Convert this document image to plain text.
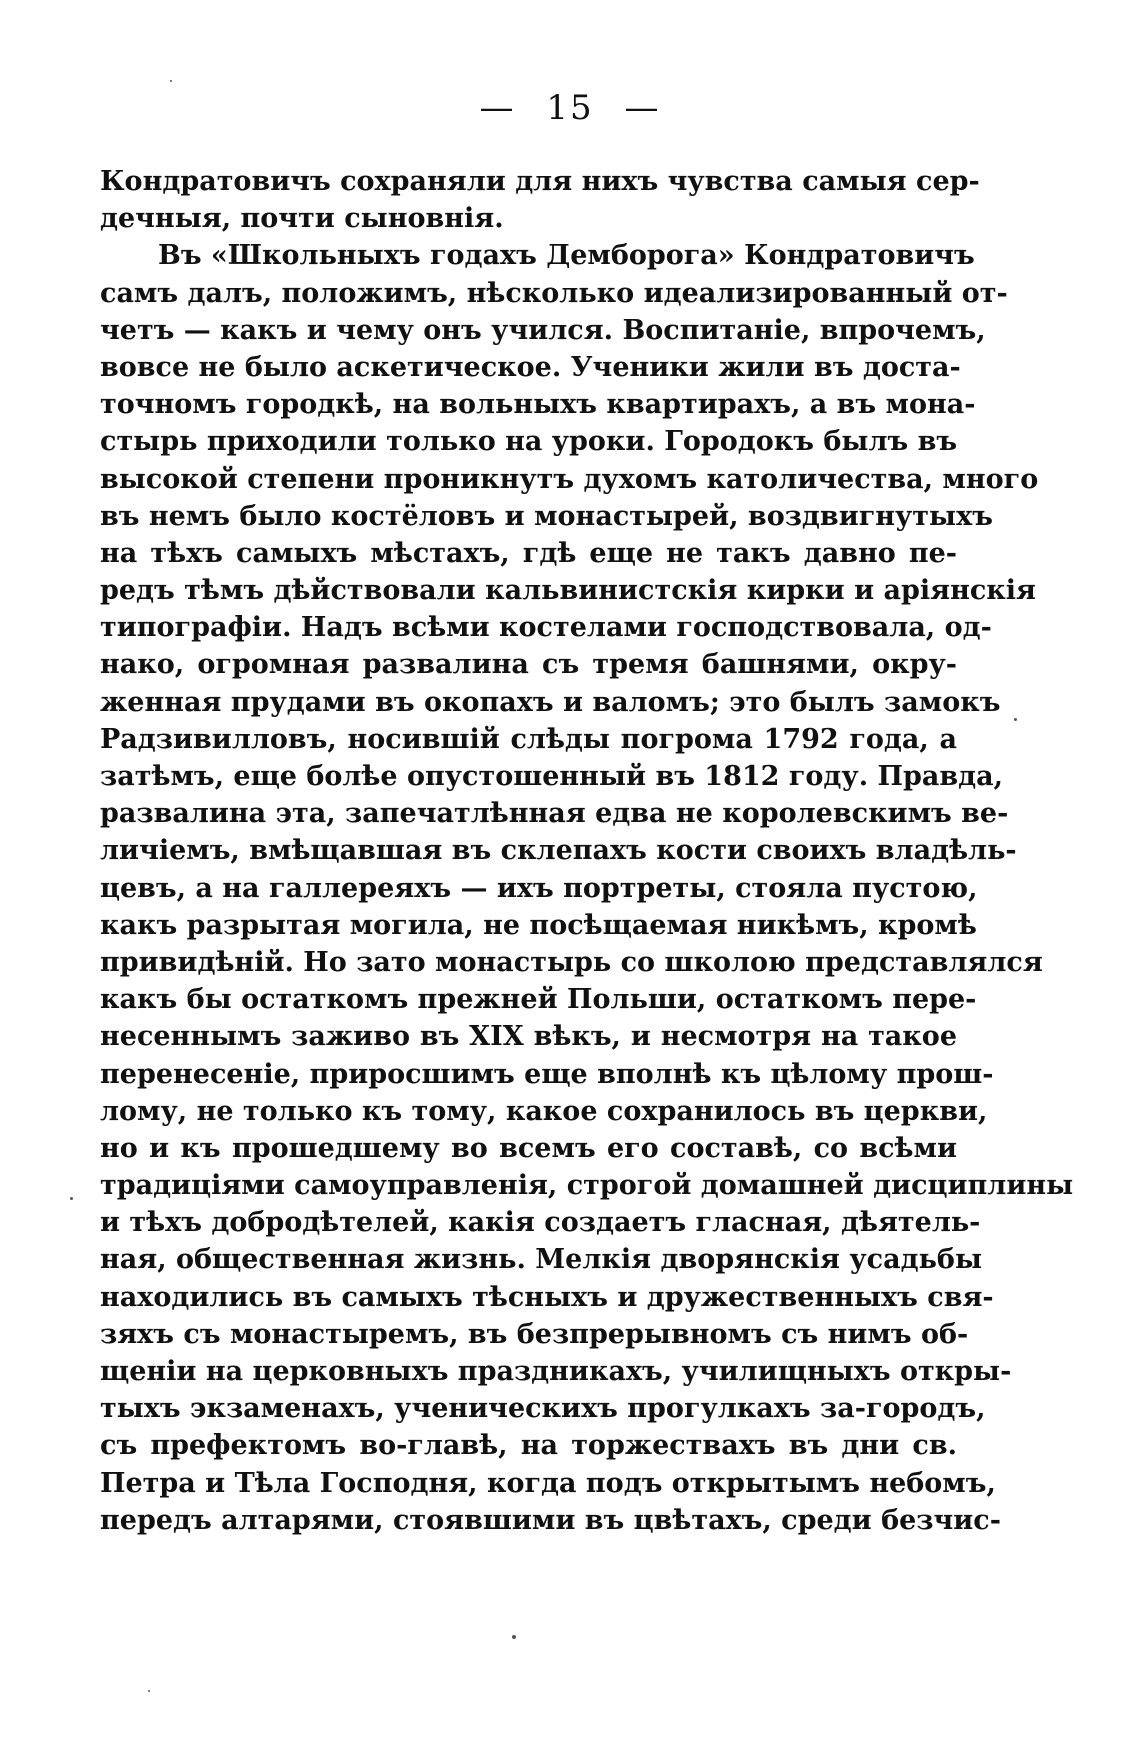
— 15 —
Кондратовичъ сохраняли для нихъ чувства самыя сер-
дечныя, почти сыновнія.
Въ «Школьныхъ годахъ Демборога» Кондратовичъ
самъ далъ, положимъ, нѣсколько идеализированный от-
четъ — какъ и чему онъ учился. Воспитаніе, впрочемъ,
вовсе не было аскетическое. Ученики жили въ доста-
точномъ городкѣ, на вольныхъ квартирахъ, а въ мона-
стырь приходили только на уроки. Городокъ былъ въ
высокой степени проникнутъ духомъ католичества, много
въ немъ было костёловъ и монастырей, воздвигнутыхъ
на тѣхъ самыхъ мѣстахъ, гдѣ еще не такъ давно пе-
редъ тѣмъ дѣйствовали кальвинистскія кирки и аріянскія
типографіи. Надъ всѣми костелами господствовала, од-
нако, огромная развалина съ тремя башнями, окру-
женная прудами въ окопахъ и валомъ; это былъ замокъ
Радзивилловъ, носившій слѣды погрома 1792 года, а
затѣмъ, еще болѣе опустошенный въ 1812 году. Правда,
развалина эта, запечатлѣнная едва не королевскимъ ве-
личіемъ, вмѣщавшая въ склепахъ кости своихъ владѣль-
цевъ, а на галлереяхъ — ихъ портреты, стояла пустою,
какъ разрытая могила, не посѣщаемая никѣмъ, кромѣ
привидѣній. Но зато монастырь со школою представлялся
какъ бы остаткомъ прежней Польши, остаткомъ пере-
несеннымъ заживо въ XIX вѣкъ, и несмотря на такое
перенесеніе, приросшимъ еще вполнѣ къ цѣлому прош-
лому, не только къ тому, какое сохранилось въ церкви,
но и къ прошедшему во всемъ его составѣ, со всѣми
традиціями самоуправленія, строгой домашней дисциплины
и тѣхъ добродѣтелей, какія создаетъ гласная, дѣятель-
ная, общественная жизнь. Мелкія дворянскія усадьбы
находились въ самыхъ тѣсныхъ и дружественныхъ свя-
зяхъ съ монастыремъ, въ безпрерывномъ съ нимъ об-
щеніи на церковныхъ праздникахъ, училищныхъ откры-
тыхъ экзаменахъ, ученическихъ прогулкахъ за-городъ,
съ префектомъ во-главѣ, на торжествахъ въ дни св.
Петра и Тѣла Господня, когда подъ открытымъ небомъ,
передъ алтарями, стоявшими въ цвѣтахъ, среди безчис-
